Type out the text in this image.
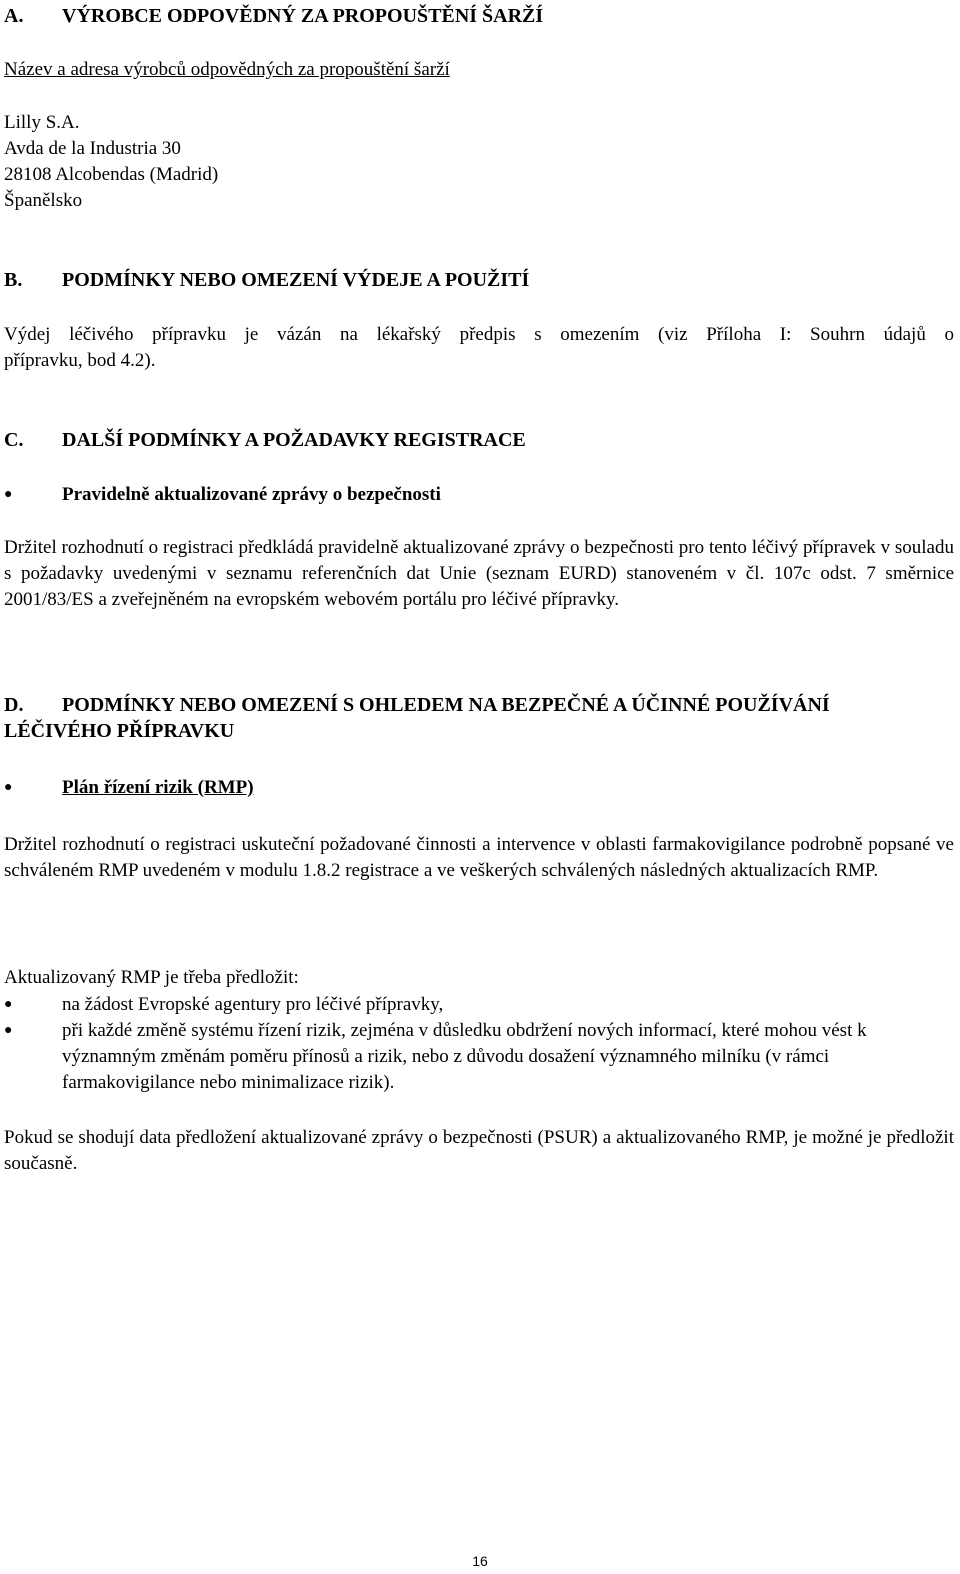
A. VÝROBCE ODPOVĚDNÝ ZA PROPOUŠTĚNÍ ŠARŽÍ
Název a adresa výrobců odpovědných za propouštění šarží
Lilly S.A.
Avda de la Industria 30
28108 Alcobendas (Madrid)
Španělsko
B. PODMÍNKY NEBO OMEZENÍ VÝDEJE A POUŽITÍ
Výdej léčivého přípravku je vázán na lékařský předpis s omezením (viz Příloha I: Souhrn údajů o
přípravku, bod 4.2).
C. DALŠÍ PODMÍNKY A POŽADAVKY REGISTRACE
●	Pravidelně aktualizované zprávy o bezpečnosti
Držitel rozhodnutí o registraci předkládá pravidelně aktualizované zprávy o bezpečnosti pro tento léčivý přípravek v souladu s požadavky uvedenými v seznamu referenčních dat Unie (seznam EURD) stanoveném v čl. 107c odst. 7 směrnice 2001/83/ES a zveřejněném na evropském webovém portálu pro léčivé přípravky.
D. PODMÍNKY NEBO OMEZENÍ S OHLEDEM NA BEZPEČNÉ A ÚČINNÉ POUŽÍVÁNÍ
LÉČIVÉHO PŘÍPRAVKU
●	Plán řízení rizik (RMP)
Držitel rozhodnutí o registraci uskuteční požadované činnosti a intervence v oblasti farmakovigilance podrobně popsané ve schváleném RMP uvedeném v modulu 1.8.2 registrace a ve veškerých schválených následných aktualizacích RMP.
Aktualizovaný RMP je třeba předložit:
●	na žádost Evropské agentury pro léčivé přípravky,
●	při každé změně systému řízení rizik, zejména v důsledku obdržení nových informací, které mohou vést k významným změnám poměru přínosů a rizik, nebo z důvodu dosažení významného milníku (v rámci farmakovigilance nebo minimalizace rizik).
Pokud se shodují data předložení aktualizované zprávy o bezpečnosti (PSUR) a aktualizovaného RMP, je možné je předložit současně.
16
